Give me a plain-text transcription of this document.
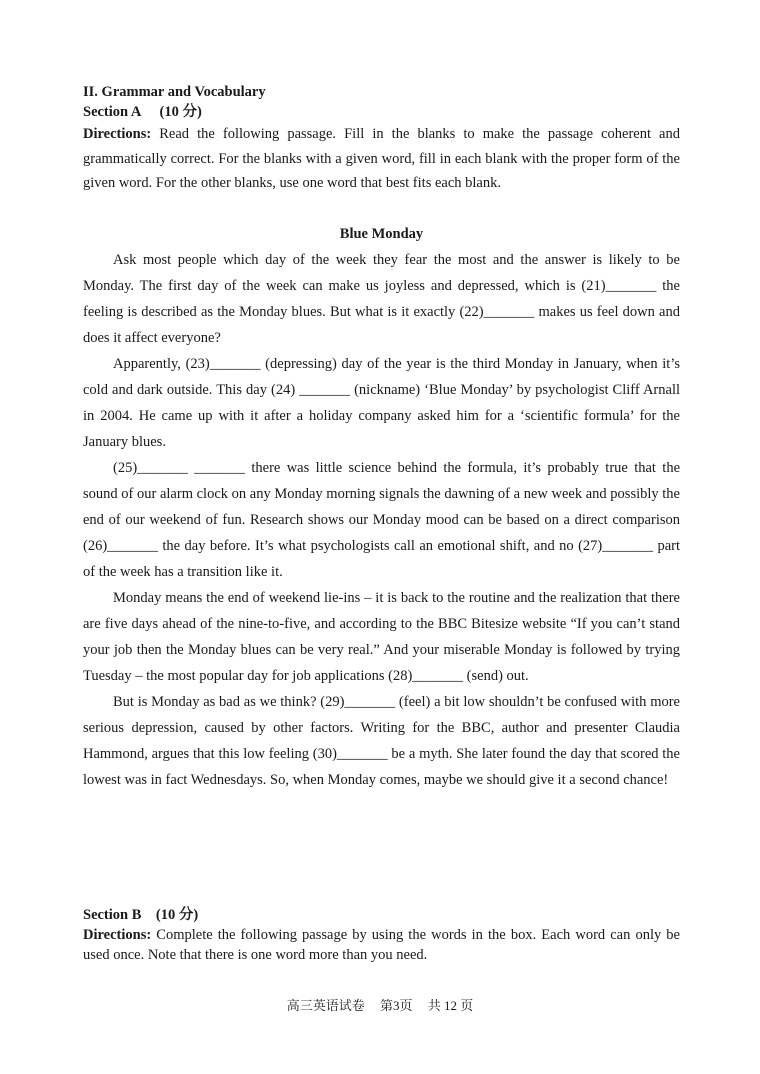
II. Grammar and Vocabulary
Section A (10 分)

Directions: Read the following passage. Fill in the blanks to make the passage coherent and grammatically correct. For the blanks with a given word, fill in each blank with the proper form of the given word. For the other blanks, use one word that best fits each blank.

Blue Monday

Ask most people which day of the week they fear the most and the answer is likely to be Monday. The first day of the week can make us joyless and depressed, which is (21)_______ the feeling is described as the Monday blues. But what is it exactly (22)_______ makes us feel down and does it affect everyone?

Apparently, (23)_______ (depressing) day of the year is the third Monday in January, when it’s cold and dark outside. This day (24) _______ (nickname) ‘Blue Monday’ by psychologist Cliff Arnall in 2004. He came up with it after a holiday company asked him for a ‘scientific formula’ for the January blues.

(25)_______ _______ there was little science behind the formula, it’s probably true that the sound of our alarm clock on any Monday morning signals the dawning of a new week and possibly the end of our weekend of fun. Research shows our Monday mood can be based on a direct comparison (26)_______ the day before. It’s what psychologists call an emotional shift, and no (27)_______ part of the week has a transition like it.

Monday means the end of weekend lie-ins – it is back to the routine and the realization that there are five days ahead of the nine-to-five, and according to the BBC Bitesize website “If you can’t stand your job then the Monday blues can be very real.” And your miserable Monday is followed by trying Tuesday – the most popular day for job applications (28)_______ (send) out.

But is Monday as bad as we think? (29)_______ (feel) a bit low shouldn’t be confused with more serious depression, caused by other factors. Writing for the BBC, author and presenter Claudia Hammond, argues that this low feeling (30)_______ be a myth. She later found the day that scored the lowest was in fact Wednesdays. So, when Monday comes, maybe we should give it a second chance!

Section B (10 分)

Directions: Complete the following passage by using the words in the box. Each word can only be used once. Note that there is one word more than you need.

高三英语试卷 第3页 共 12 页
